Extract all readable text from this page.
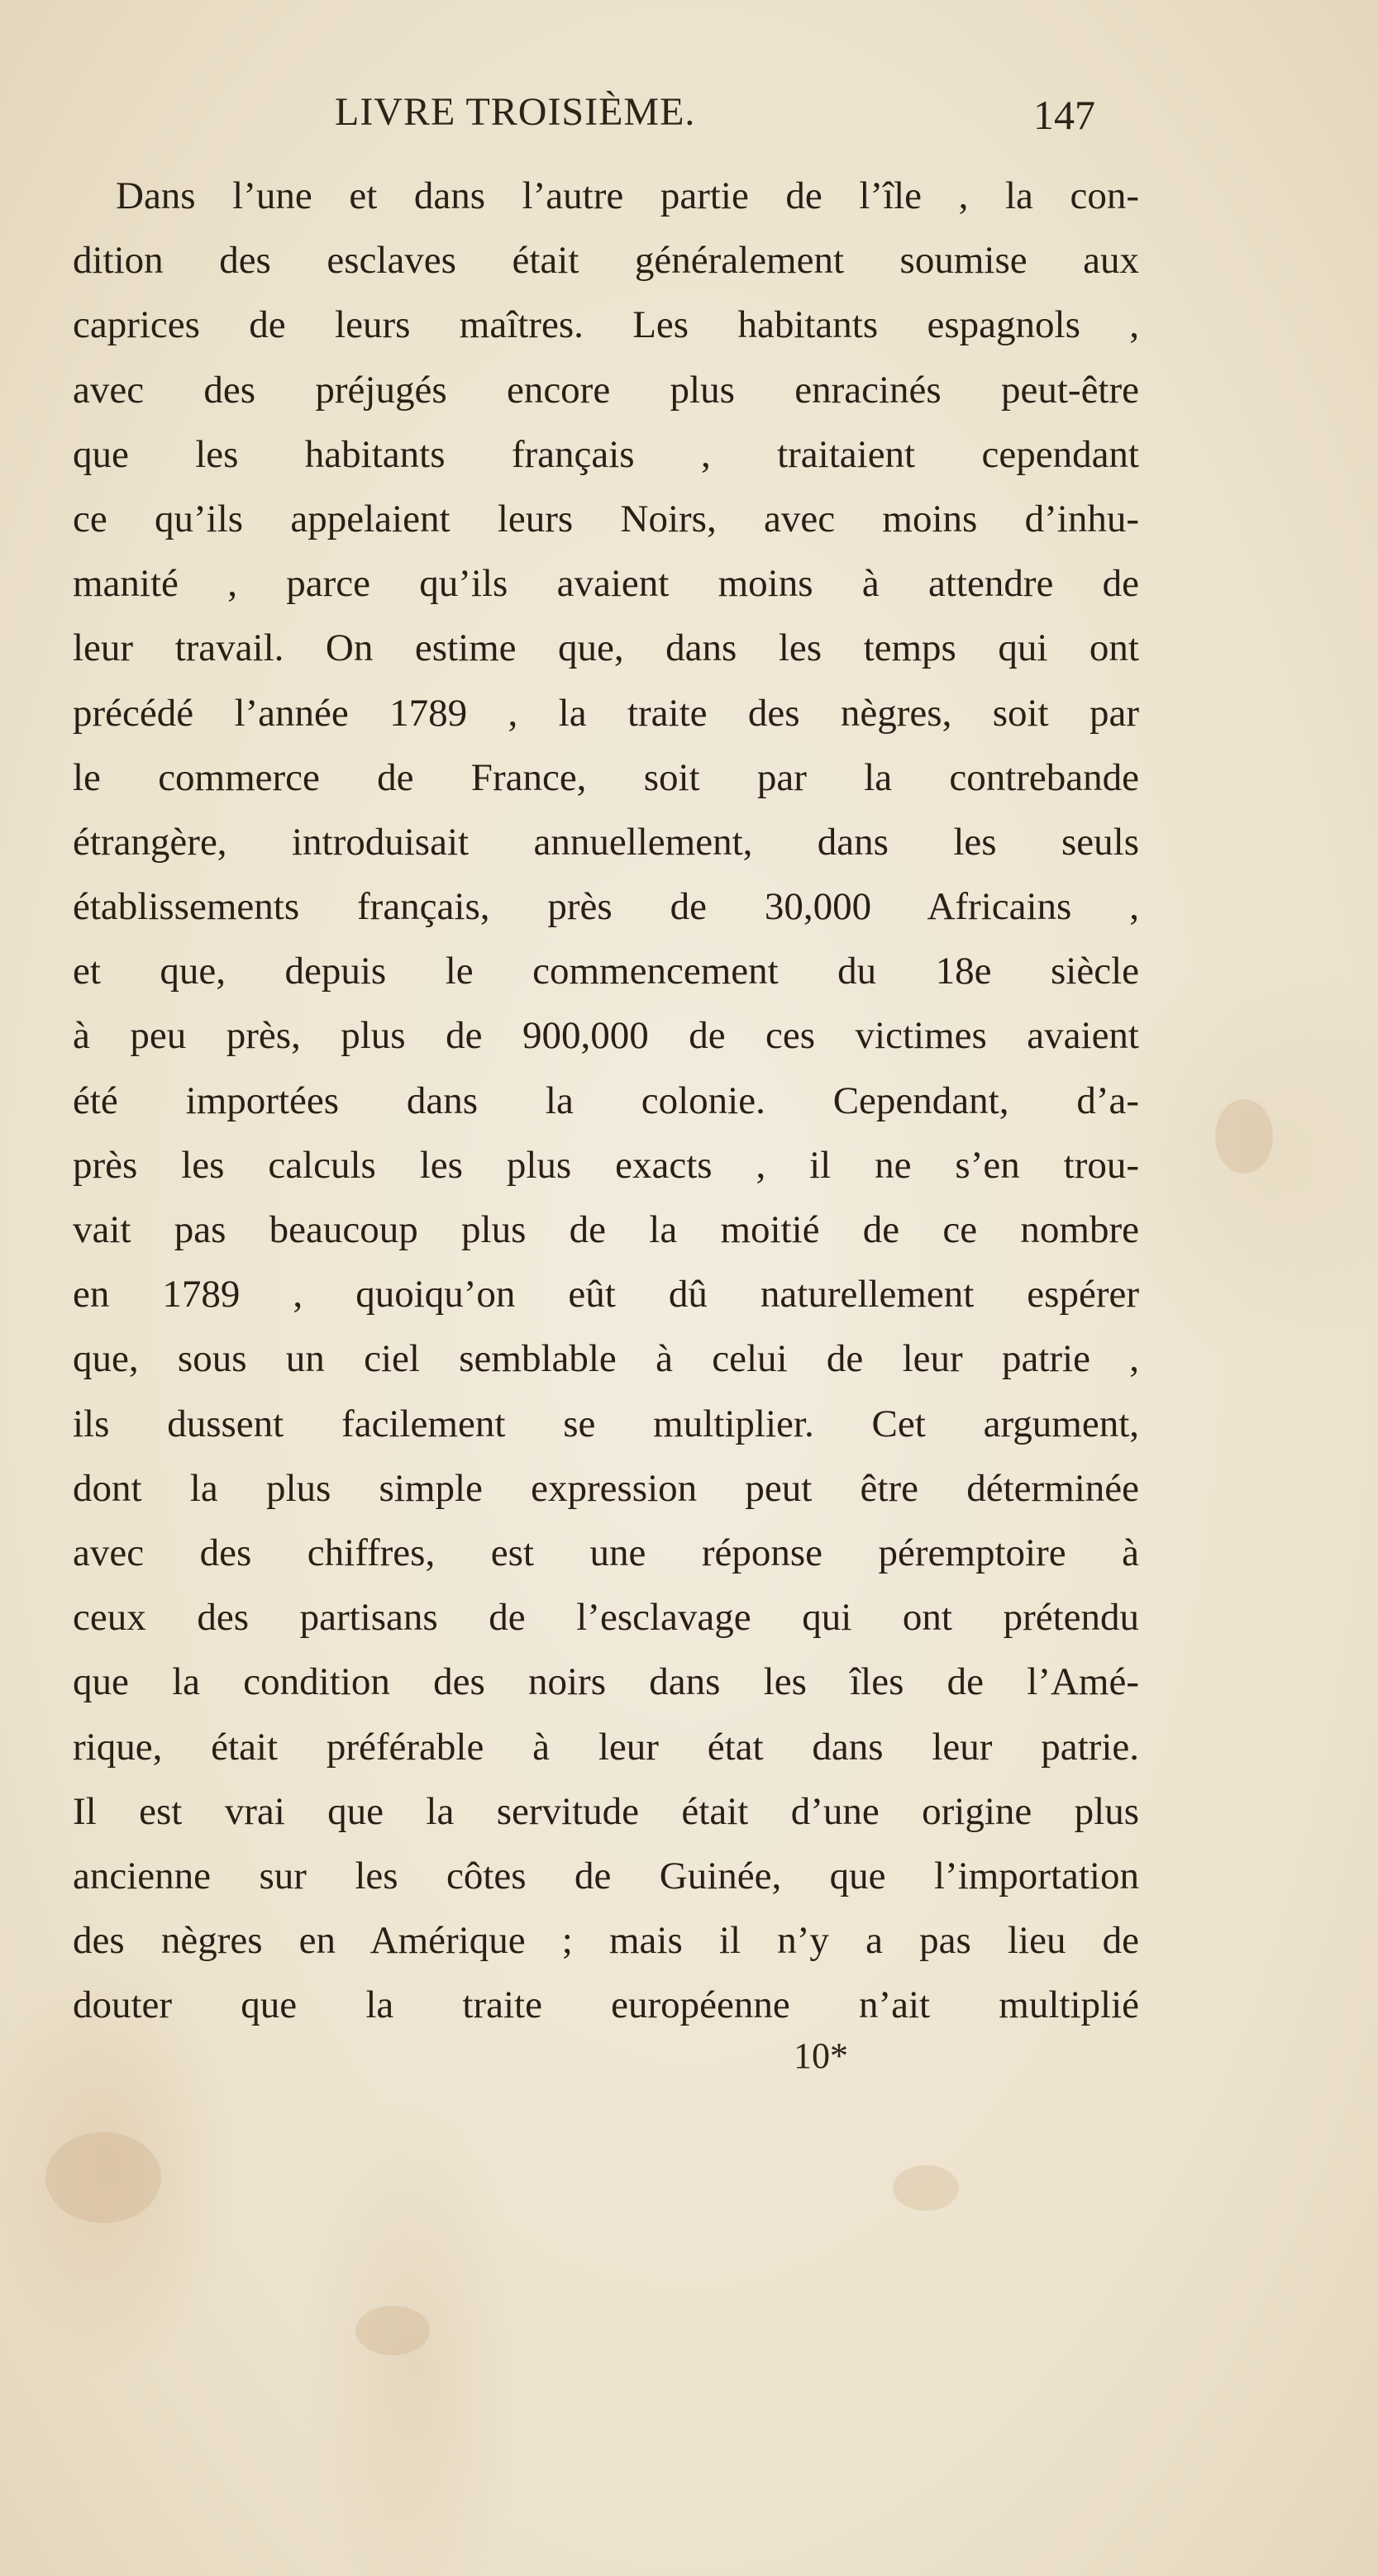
LIVRE TROISIÈME.	147
Dans l’une et dans l’autre partie de l’île , la con-
dition des esclaves était généralement soumise aux
caprices de leurs maîtres. Les habitants espagnols ,
avec des préjugés encore plus enracinés peut-être
que les habitants français , traitaient cependant
ce qu’ils appelaient leurs Noirs, avec moins d’inhu-
manité , parce qu’ils avaient moins à attendre de
leur travail. On estime que, dans les temps qui ont
précédé l’année 1789 , la traite des nègres, soit par
le commerce de France, soit par la contrebande
étrangère, introduisait annuellement, dans les seuls
établissements français, près de 30,000 Africains ,
et que, depuis le commencement du 18e siècle
à peu près, plus de 900,000 de ces victimes avaient
été importées dans la colonie. Cependant, d’a-
près les calculs les plus exacts , il ne s’en trou-
vait pas beaucoup plus de la moitié de ce nombre
en 1789 , quoiqu’on eût dû naturellement espérer
que, sous un ciel semblable à celui de leur patrie ,
ils dussent facilement se multiplier. Cet argument,
dont la plus simple expression peut être déterminée
avec des chiffres, est une réponse péremptoire à
ceux des partisans de l’esclavage qui ont prétendu
que la condition des noirs dans les îles de l’Amé-
rique, était préférable à leur état dans leur patrie.
Il est vrai que la servitude était d’une origine plus
ancienne sur les côtes de Guinée, que l’importation
des nègres en Amérique ; mais il n’y a pas lieu de
douter que la traite européenne n’ait multiplié
10*
